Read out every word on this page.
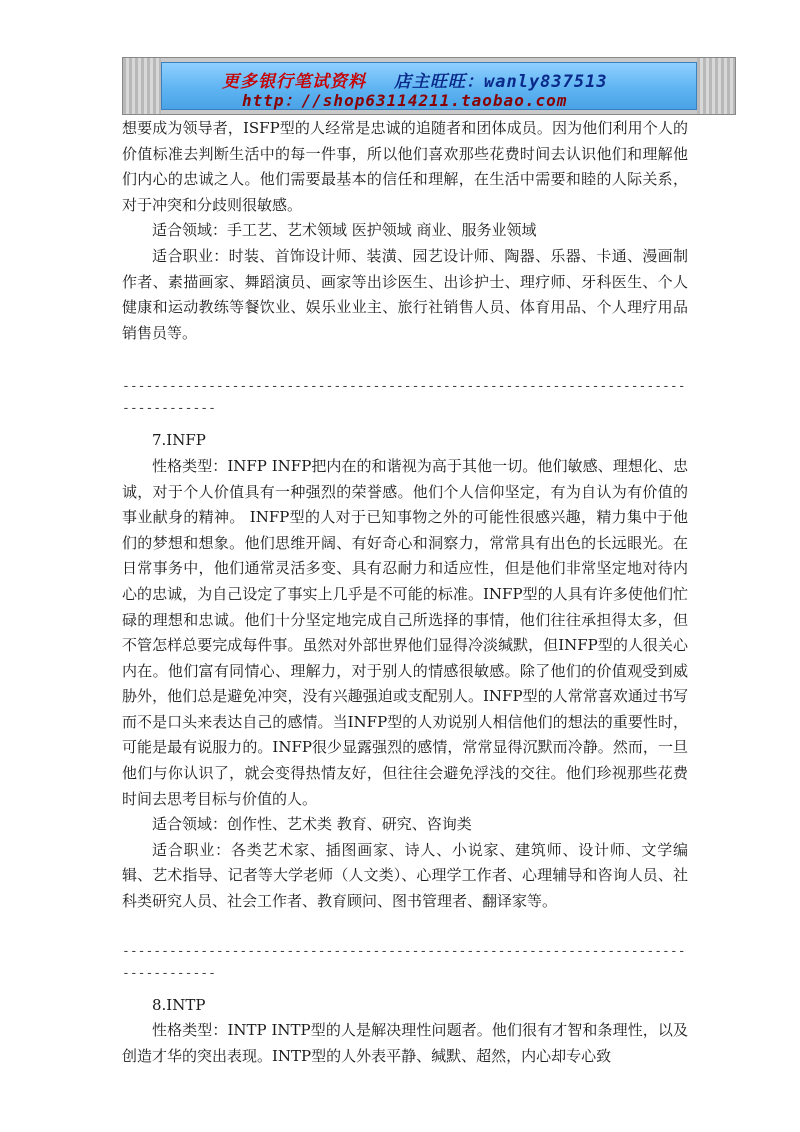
更多银行笔试资料 店主旺旺：wanly837513
http：//shop63114211.taobao.com

想要成为领导者，ISFP型的人经常是忠诚的追随者和团体成员。因为他们利用个人的价值标准去判断生活中的每一件事，所以他们喜欢那些花费时间去认识他们和理解他们内心的忠诚之人。他们需要最基本的信任和理解，在生活中需要和睦的人际关系，对于冲突和分歧则很敏感。

适合领域：手工艺、艺术领域 医护领域 商业、服务业领域

适合职业：时装、首饰设计师、装潢、园艺设计师、陶器、乐器、卡通、漫画制作者、素描画家、舞蹈演员、画家等出诊医生、出诊护士、理疗师、牙科医生、个人健康和运动教练等餐饮业、娱乐业业主、旅行社销售人员、体育用品、个人理疗用品销售员等。

------------------------------------------------------------------------------------

7.INFP

性格类型：INFP INFP把内在的和谐视为高于其他一切。他们敏感、理想化、忠诚，对于个人价值具有一种强烈的荣誉感。他们个人信仰坚定，有为自认为有价值的事业献身的精神。 INFP型的人对于已知事物之外的可能性很感兴趣，精力集中于他们的梦想和想象。他们思维开阔、有好奇心和洞察力，常常具有出色的长远眼光。在日常事务中，他们通常灵活多变、具有忍耐力和适应性，但是他们非常坚定地对待内心的忠诚，为自己设定了事实上几乎是不可能的标准。INFP型的人具有许多使他们忙碌的理想和忠诚。他们十分坚定地完成自己所选择的事情，他们往往承担得太多，但不管怎样总要完成每件事。虽然对外部世界他们显得冷淡缄默，但INFP型的人很关心内在。他们富有同情心、理解力，对于别人的情感很敏感。除了他们的价值观受到威胁外，他们总是避免冲突，没有兴趣强迫或支配别人。INFP型的人常常喜欢通过书写而不是口头来表达自己的感情。当INFP型的人劝说别人相信他们的想法的重要性时，可能是最有说服力的。INFP很少显露强烈的感情，常常显得沉默而冷静。然而，一旦他们与你认识了，就会变得热情友好，但往往会避免浮浅的交往。他们珍视那些花费时间去思考目标与价值的人。

适合领域：创作性、艺术类 教育、研究、咨询类

适合职业：各类艺术家、插图画家、诗人、小说家、建筑师、设计师、文学编辑、艺术指导、记者等大学老师（人文类）、心理学工作者、心理辅导和咨询人员、社科类研究人员、社会工作者、教育顾问、图书管理者、翻译家等。

------------------------------------------------------------------------------------

8.INTP

性格类型：INTP INTP型的人是解决理性问题者。他们很有才智和条理性，以及创造才华的突出表现。INTP型的人外表平静、缄默、超然，内心却专心致
